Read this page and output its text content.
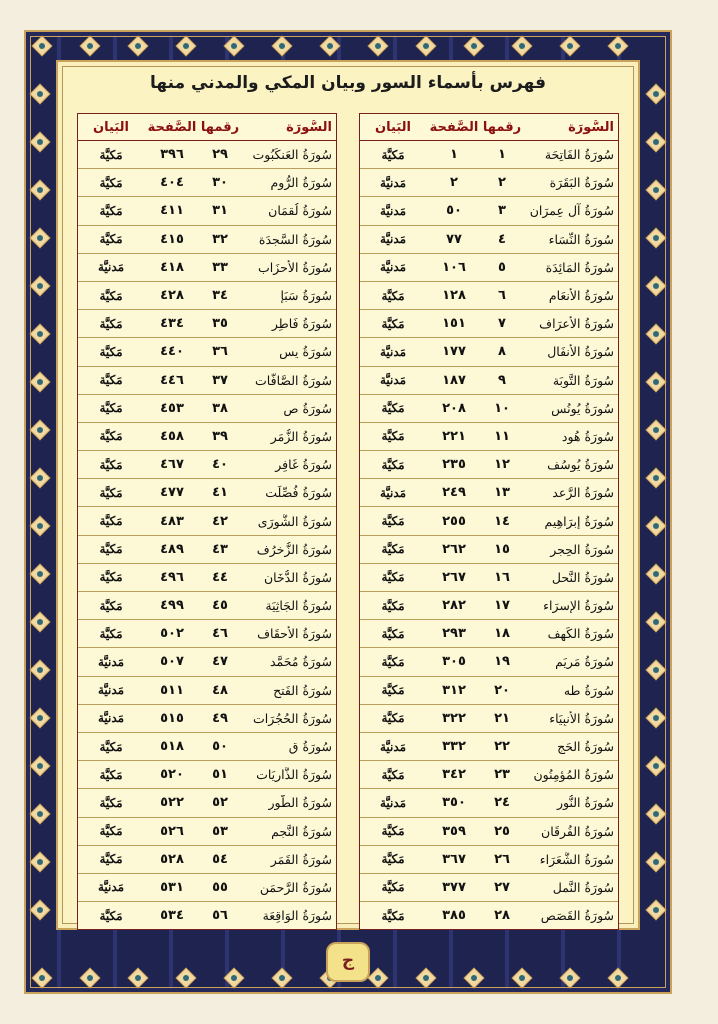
فهرس بأسماء السور وبيان المكي والمدني منها
السُّورَة
رقمها
الصَّفحة
البَيان
سُورَةُ الفَاتِحَة
١
١
مَكيَّة
سُورَةُ البَقَرَة
٢
٢
مَدنيَّة
سُورَةُ آلِ عِمرَان
٣
٥٠
مَدنيَّة
سُورَةُ النِّسَاء
٤
٧٧
مَدنيَّة
سُورَةُ المَائِدَة
٥
١٠٦
مَدنيَّة
سُورَةُ الأَنعَام
٦
١٢٨
مَكيَّة
سُورَةُ الأَعرَاف
٧
١٥١
مَكيَّة
سُورَةُ الأَنفَال
٨
١٧٧
مَدنيَّة
سُورَةُ التَّوبَة
٩
١٨٧
مَدنيَّة
سُورَةُ يُونُس
١٠
٢٠٨
مَكيَّة
سُورَةُ هُود
١١
٢٢١
مَكيَّة
سُورَةُ يُوسُف
١٢
٢٣٥
مَكيَّة
سُورَةُ الرَّعد
١٣
٢٤٩
مَدنيَّة
سُورَةُ إِبرَاهِيم
١٤
٢٥٥
مَكيَّة
سُورَةُ الحِجر
١٥
٢٦٢
مَكيَّة
سُورَةُ النَّحل
١٦
٢٦٧
مَكيَّة
سُورَةُ الإِسرَاء
١٧
٢٨٢
مَكيَّة
سُورَةُ الكَهف
١٨
٢٩٣
مَكيَّة
سُورَةُ مَريَم
١٩
٣٠٥
مَكيَّة
سُورَةُ طه
٢٠
٣١٢
مَكيَّة
سُورَةُ الأَنبِيَاء
٢١
٣٢٢
مَكيَّة
سُورَةُ الحَج
٢٢
٣٣٢
مَدنيَّة
سُورَةُ المُؤمِنُون
٢٣
٣٤٢
مَكيَّة
سُورَةُ النُّور
٢٤
٣٥٠
مَدنيَّة
سُورَةُ الفُرقَان
٢٥
٣٥٩
مَكيَّة
سُورَةُ الشُّعَرَاء
٢٦
٣٦٧
مَكيَّة
سُورَةُ النَّمل
٢٧
٣٧٧
مَكيَّة
سُورَةُ القَصَص
٢٨
٣٨٥
مَكيَّة
السُّورَة
رقمها
الصَّفحة
البَيان
سُورَةُ العَنكَبُوت
٢٩
٣٩٦
مَكيَّة
سُورَةُ الرُّوم
٣٠
٤٠٤
مَكيَّة
سُورَةُ لُقمَان
٣١
٤١١
مَكيَّة
سُورَةُ السَّجدَة
٣٢
٤١٥
مَكيَّة
سُورَةُ الأَحزَاب
٣٣
٤١٨
مَدنيَّة
سُورَةُ سَبَإ
٣٤
٤٢٨
مَكيَّة
سُورَةُ فَاطِر
٣٥
٤٣٤
مَكيَّة
سُورَةُ يس
٣٦
٤٤٠
مَكيَّة
سُورَةُ الصَّافَّات
٣٧
٤٤٦
مَكيَّة
سُورَةُ ص
٣٨
٤٥٣
مَكيَّة
سُورَةُ الزُّمَر
٣٩
٤٥٨
مَكيَّة
سُورَةُ غَافِر
٤٠
٤٦٧
مَكيَّة
سُورَةُ فُصِّلَت
٤١
٤٧٧
مَكيَّة
سُورَةُ الشُّورَى
٤٢
٤٨٣
مَكيَّة
سُورَةُ الزُّخرُف
٤٣
٤٨٩
مَكيَّة
سُورَةُ الدُّخَان
٤٤
٤٩٦
مَكيَّة
سُورَةُ الجَاثِيَة
٤٥
٤٩٩
مَكيَّة
سُورَةُ الأَحقَاف
٤٦
٥٠٢
مَكيَّة
سُورَةُ مُحَمَّد
٤٧
٥٠٧
مَدنيَّة
سُورَةُ الفَتح
٤٨
٥١١
مَدنيَّة
سُورَةُ الحُجُرَات
٤٩
٥١٥
مَدنيَّة
سُورَةُ ق
٥٠
٥١٨
مَكيَّة
سُورَةُ الذَّارِيَات
٥١
٥٢٠
مَكيَّة
سُورَةُ الطُّور
٥٢
٥٢٢
مَكيَّة
سُورَةُ النَّجم
٥٣
٥٢٦
مَكيَّة
سُورَةُ القَمَر
٥٤
٥٢٨
مَكيَّة
سُورَةُ الرَّحمَن
٥٥
٥٣١
مَدنيَّة
سُورَةُ الوَاقِعَة
٥٦
٥٣٤
مَكيَّة
ج
